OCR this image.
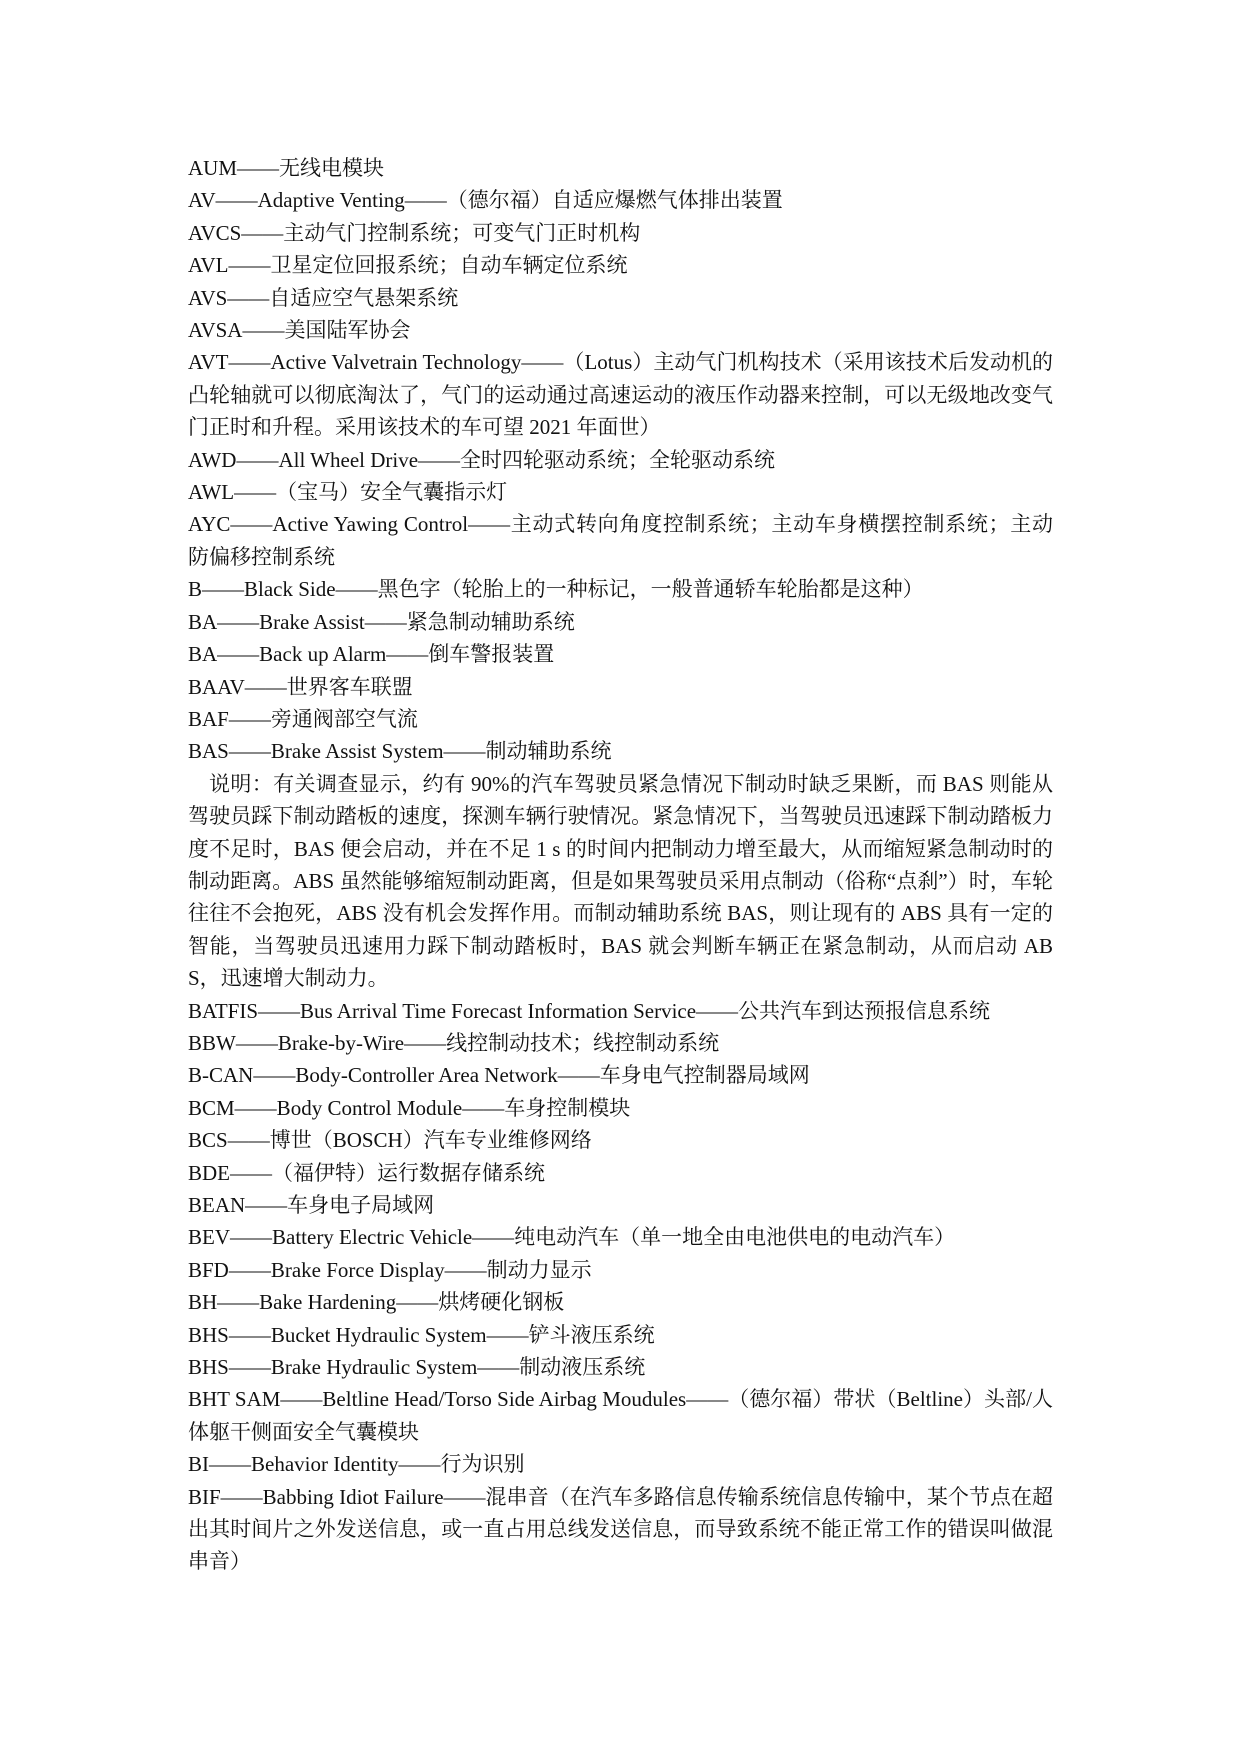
AUM——无线电模块

AV——Adaptive Venting——（德尔福）自适应爆燃气体排出装置

AVCS——主动气门控制系统；可变气门正时机构

AVL——卫星定位回报系统；自动车辆定位系统

AVS——自适应空气悬架系统

AVSA——美国陆军协会

AVT——Active Valvetrain Technology——（Lotus）主动气门机构技术（采用该技术后发动机的凸轮轴就可以彻底淘汰了，气门的运动通过高速运动的液压作动器来控制，可以无级地改变气门正时和升程。采用该技术的车可望 2021 年面世）

AWD——All Wheel Drive——全时四轮驱动系统；全轮驱动系统

AWL——（宝马）安全气囊指示灯

AYC——Active Yawing Control——主动式转向角度控制系统；主动车身横摆控制系统；主动防偏移控制系统

B——Black Side——黑色字（轮胎上的一种标记，一般普通轿车轮胎都是这种）

BA——Brake Assist——紧急制动辅助系统

BA——Back up Alarm——倒车警报装置

BAAV——世界客车联盟

BAF——旁通阀部空气流

BAS——Brake Assist System——制动辅助系统

说明：有关调查显示，约有 90%的汽车驾驶员紧急情况下制动时缺乏果断，而 BAS 则能从驾驶员踩下制动踏板的速度，探测车辆行驶情况。紧急情况下，当驾驶员迅速踩下制动踏板力度不足时，BAS 便会启动，并在不足 1 s 的时间内把制动力增至最大，从而缩短紧急制动时的制动距离。ABS 虽然能够缩短制动距离，但是如果驾驶员采用点制动（俗称“点刹”）时，车轮往往不会抱死，ABS 没有机会发挥作用。而制动辅助系统 BAS，则让现有的 ABS 具有一定的智能，当驾驶员迅速用力踩下制动踏板时，BAS 就会判断车辆正在紧急制动，从而启动 ABS，迅速增大制动力。

BATFIS——Bus Arrival Time Forecast Information Service——公共汽车到达预报信息系统

BBW——Brake-by-Wire——线控制动技术；线控制动系统

B-CAN——Body-Controller Area Network——车身电气控制器局域网

BCM——Body Control Module——车身控制模块

BCS——博世（BOSCH）汽车专业维修网络

BDE——（福伊特）运行数据存储系统

BEAN——车身电子局域网

BEV——Battery Electric Vehicle——纯电动汽车（单一地全由电池供电的电动汽车）

BFD——Brake Force Display——制动力显示

BH——Bake Hardening——烘烤硬化钢板

BHS——Bucket Hydraulic System——铲斗液压系统

BHS——Brake Hydraulic System——制动液压系统

BHT SAM——Beltline Head/Torso Side Airbag Moudules——（德尔福）带状（Beltline）头部/人体躯干侧面安全气囊模块

BI——Behavior Identity——行为识别

BIF——Babbing Idiot Failure——混串音（在汽车多路信息传输系统信息传输中，某个节点在超出其时间片之外发送信息，或一直占用总线发送信息，而导致系统不能正常工作的错误叫做混串音）
